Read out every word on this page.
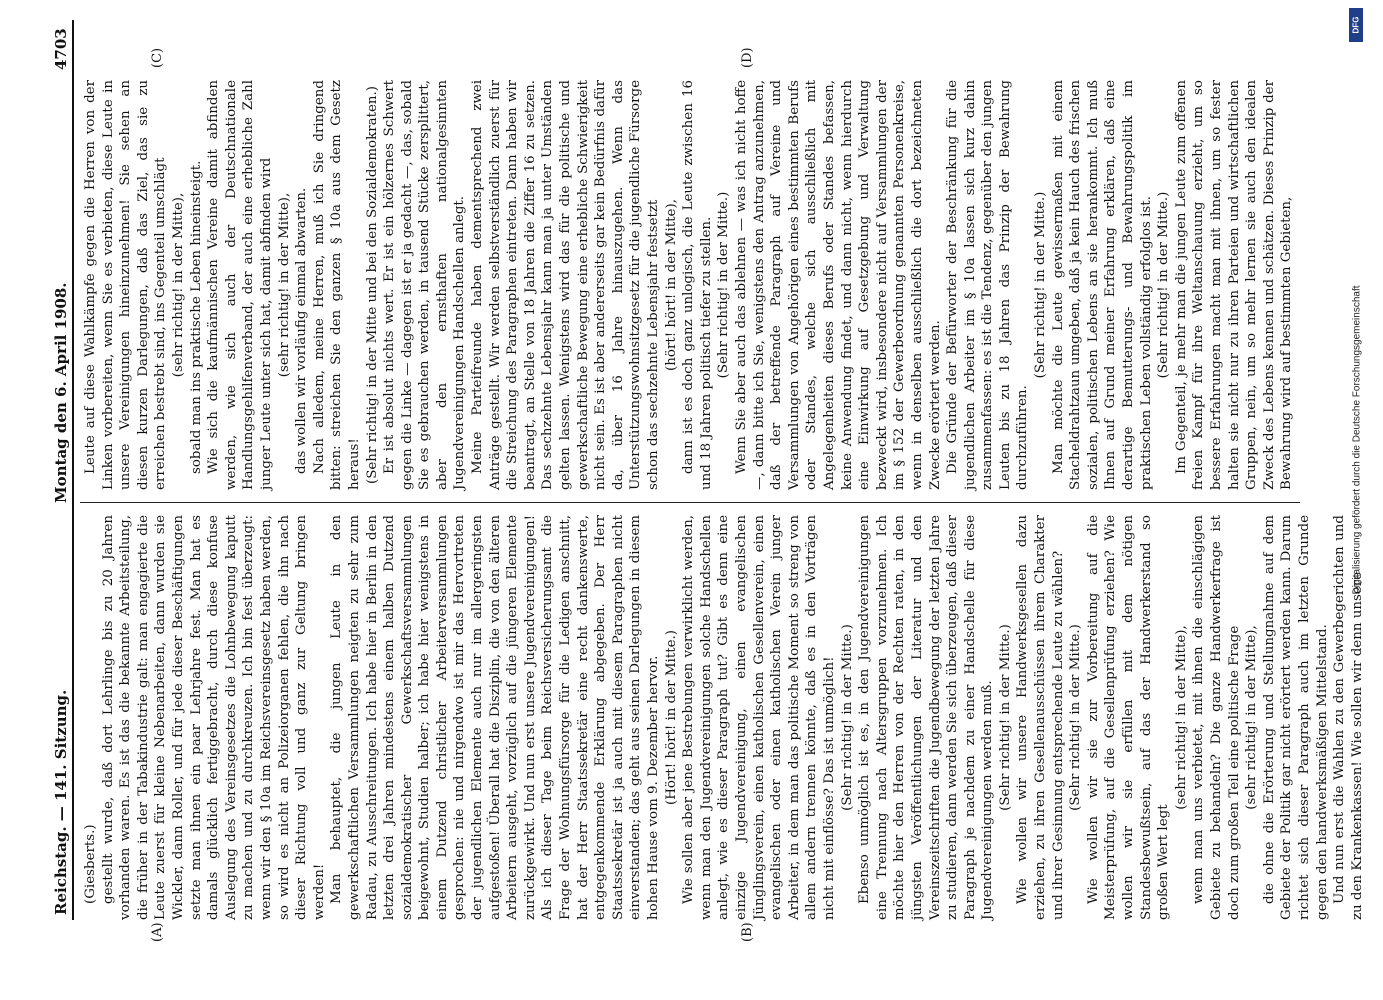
Reichstag. — 141. Sitzung.
Montag den 6. April 1908.
4703
(A)	(B)
(C)	(D)

(Giesberts.) gestellt wurde, daß dort Lehrlinge bis zu 20 Jahren vorhanden waren. Es ist das die bekannte Arbeitsteilung, die früher in der Tabakindustrie galt: man engagierte die Leute zuerst für kleine Nebenarbeiten, dann wurden sie Wickler, dann Roller, und für jede dieser Beschäftigungen setzte man ihnen ein paar Lehrjahre fest. Man hat es damals glücklich fertiggebracht, durch diese konfuse Auslegung des Vereinsgesetzes die Lohnbewegung kaputt zu machen und zu durchkreuzen. Ich bin fest überzeugt: wenn wir den § 10a im Reichsvereinsgesetz haben werden, so wird es nicht an Polizeiorganen fehlen, die ihn nach dieser Richtung voll und ganz zur Geltung bringen werden! Man behauptet, die jungen Leute in den gewerkschaftlichen Versammlungen neigten zu sehr zum Radau, zu Ausschreitungen. Ich habe hier in Berlin in den letzten drei Jahren mindestens einem halben Dutzend sozialdemokratischer Gewerkschaftsversammlungen beigewohnt, Studien halber; ich habe hier wenigstens in einem Dutzend christlicher Arbeiterversammlungen gesprochen: nie und nirgendwo ist mir das Hervortreten der jugendlichen Elemente auch nur im allergeringsten aufgestoßen! Überall hat die Disziplin, die von den älteren Arbeitern ausgeht, vorzüglich auf die jüngeren Elemente zurückgewirkt. Und nun erst unsere Jugendvereinigungen! Als ich dieser Tage beim Reichsversicherungsamt die Frage der Wohnungsfürsorge für die Ledigen anschnitt, hat der Herr Staatssekretär eine recht dankenswerte, entgegenkommende Erklärung abgegeben. Der Herr Staatssekretär ist ja auch mit diesem Paragraphen nicht einverstanden; das geht aus seinen Darlegungen in diesem hohen Hause vom 9. Dezember hervor. (Hört! hört! in der Mitte.) Wie sollen aber jene Bestrebungen verwirklicht werden, wenn man den Jugendvereinigungen solche Handschellen anlegt, wie es dieser Paragraph tut? Gibt es denn eine einzige Jugendvereinigung, einen evangelischen Jünglingsverein, einen katholischen Gesellenverein, einen evangelischen oder einen katholischen Verein junger Arbeiter, in dem man das politische Moment so streng von allem andern trennen könnte, daß es in den Vorträgen nicht mit einflösse? Das ist unmöglich! (Sehr richtig! in der Mitte.) Ebenso unmöglich ist es, in den Jugendvereinigungen eine Trennung nach Altersgruppen vorzunehmen. Ich möchte hier den Herren von der Rechten raten, in den jüngsten Veröffentlichungen der Literatur und den Vereinszeitschriften die Jugendbewegung der letzten Jahre zu studieren, dann werden Sie sich überzeugen, daß dieser Paragraph je nachdem zu einer Handschelle für diese Jugendvereinigungen werden muß. (Sehr richtig! in der Mitte.) Wie wollen wir unsere Handwerksgesellen dazu erziehen, zu ihren Gesellenausschüssen ihrem Charakter und ihrer Gesinnung entsprechende Leute zu wählen? (Sehr richtig! in der Mitte.) Wie wollen wir sie zur Vorbereitung auf die Meisterprüfung, auf die Gesellenprüfung erziehen? Wie wollen wir sie erfüllen mit dem nötigen Standesbewußtsein, auf das der Handwerkerstand so großen Wert legt

(sehr richtig! in der Mitte), wenn man uns verbietet, mit ihnen die einschlägigen Gebiete zu behandeln? Die ganze Handwerkerfrage ist doch zum großen Teil eine politische Frage (sehr richtig! in der Mitte), die ohne die Erörterung und Stellungnahme auf dem Gebiete der Politik gar nicht erörtert werden kann. Darum richtet sich dieser Paragraph auch im letzten Grunde gegen den handwerksmäßigen Mittelstand. Und nun erst die Wahlen zu den Gewerbegerichten und zu den Krankenkassen! Wie sollen wir denn unsere

Leute auf diese Wahlkämpfe gegen die Herren von der Linken vorbereiten, wenn Sie es verbieten, diese Leute in unsere Vereinigungen hineinzunehmen! Sie sehen an diesen kurzen Darlegungen, daß das Ziel, das sie zu erreichen bestrebt sind, ins Gegenteil umschlägt (sehr richtig! in der Mitte), sobald man ins praktische Leben hineinsteigt. Wie sich die kaufmännischen Vereine damit abfinden werden, wie sich auch der Deutschnationale Handlungsgehilfenverband, der auch eine erhebliche Zahl junger Leute unter sich hat, damit abfinden wird (sehr richtig! in der Mitte), das wollen wir vorläufig einmal abwarten. Nach alledem, meine Herren, muß ich Sie dringend bitten: streichen Sie den ganzen § 10a aus dem Gesetz heraus! (Sehr richtig! in der Mitte und bei den Sozialdemokraten.) Er ist absolut nichts wert. Er ist ein hölzernes Schwert gegen die Linke — dagegen ist er ja gedacht —, das, sobald Sie es gebrauchen werden, in tausend Stücke zersplittert, aber den ernsthaften nationalgesinnten Jugendvereinigungen Handschellen anlegt. Meine Parteifreunde haben dementsprechend zwei Anträge gestellt. Wir werden selbstverständlich zuerst für die Streichung des Paragraphen eintreten. Dann haben wir beantragt, an Stelle von 18 Jahren die Ziffer 16 zu setzen. Das sechzehnte Lebensjahr kann man ja unter Umständen gelten lassen. Wenigstens wird das für die politische und gewerkschaftliche Bewegung eine erhebliche Schwierigkeit nicht sein. Es ist aber andererseits gar kein Bedürfnis dafür da, über 16 Jahre hinauszugehen. Wenn das Unterstützungswohnsitzgesetz für die jugendliche Fürsorge schon das sechzehnte Lebensjahr festsetzt (hört! hört! in der Mitte), dann ist es doch ganz unlogisch, die Leute zwischen 16 und 18 Jahren politisch tiefer zu stellen. (Sehr richtig! in der Mitte.) Wenn Sie aber auch das ablehnen — was ich nicht hoffe —, dann bitte ich Sie, wenigstens den Antrag anzunehmen, daß der betreffende Paragraph auf Vereine und Versammlungen von Angehörigen eines bestimmten Berufs oder Standes, welche sich ausschließlich mit Angelegenheiten dieses Berufs oder Standes befassen, keine Anwendung findet, und dann nicht, wenn hierdurch eine Einwirkung auf Gesetzgebung und Verwaltung bezweckt wird, insbesondere nicht auf Versammlungen der im § 152 der Gewerbeordnung genannten Personenkreise, wenn in denselben ausschließlich die dort bezeichneten Zwecke erörtert werden. Die Gründe der Befürworter der Beschränkung für die jugendlichen Arbeiter im § 10a lassen sich kurz dahin zusammenfassen: es ist die Tendenz, gegenüber den jungen Leuten bis zu 18 Jahren das Prinzip der Bewahrung durchzuführen.

(Sehr richtig! in der Mitte.) Man möchte die Leute gewissermaßen mit einem Stacheldrahtzaun umgeben, daß ja kein Hauch des frischen sozialen, politischen Lebens an sie herankommt. Ich muß Ihnen auf Grund meiner Erfahrung erklären, daß eine derartige Bemutterungs- und Bewahrungspolitik im praktischen Leben vollständig erfolglos ist. (Sehr richtig! in der Mitte.) Im Gegenteil, je mehr man die jungen Leute zum offenen freien Kampf für ihre Weltanschauung erzieht, um so bessere Erfahrungen macht man mit ihnen, um so fester halten sie nicht nur zu ihren Parteien und wirtschaftlichen Gruppen, nein, um so mehr lernen sie auch den idealen Zweck des Lebens kennen und schätzen. Dieses Prinzip der Bewahrung wird auf bestimmten Gebieten,	Digitalisierung gefördert durch die Deutsche Forschungsgemeinschaft
DFG
